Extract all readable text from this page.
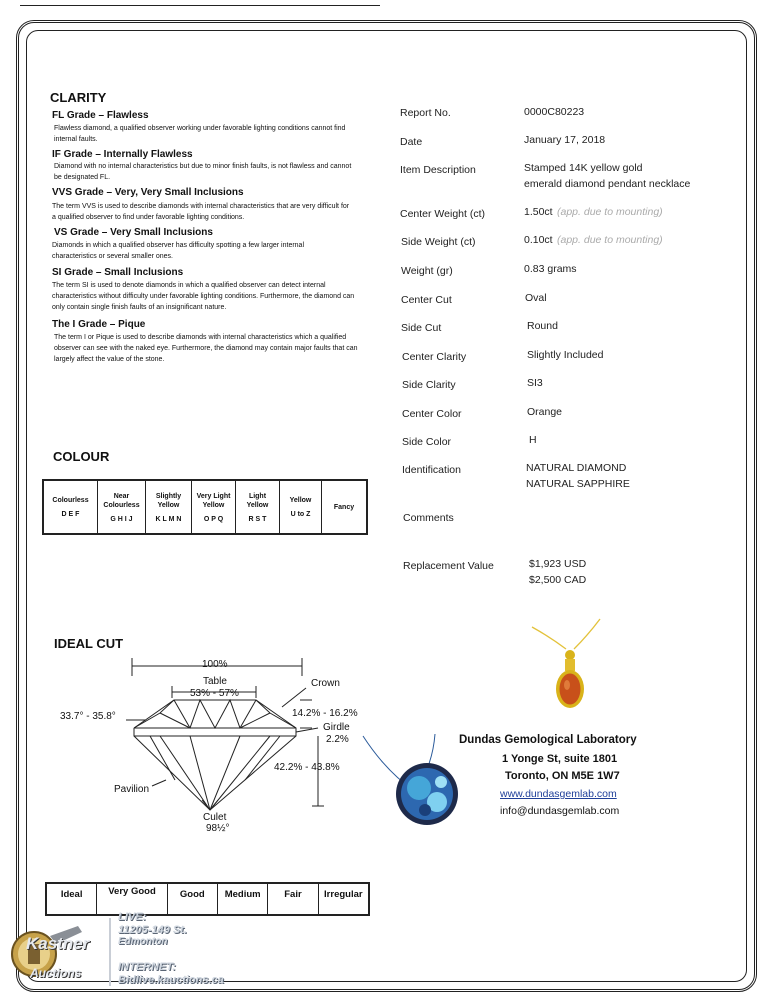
CLARITY
FL Grade – Flawless
Flawless diamond, a qualified observer working under favorable lighting conditions cannot find internal faults.
IF Grade – Internally Flawless
Diamond with no internal characteristics but due to minor finish faults, is not flawless and cannot be designated FL.
VVS Grade – Very, Very Small Inclusions
The term VVS is used to describe diamonds with internal characteristics that are very difficult for a qualified observer to find under favorable lighting conditions.
VS Grade – Very Small Inclusions
Diamonds in which a qualified observer has difficulty spotting a few larger internal characteristics or several smaller ones.
SI Grade – Small Inclusions
The term SI is used to denote diamonds in which a qualified observer can detect internal characteristics without difficulty under favorable lighting conditions. Furthermore, the diamond can only contain single finish faults of an insignificant nature.
The I Grade – Pique
The term I or Pique is used to describe diamonds with internal characteristics which a qualified observer can see with the naked eye. Furthermore, the diamond may contain major faults that can largely affect the value of the stone.
COLOUR
Colourless
D E F
Near Colourless
G H I J
Slightly Yellow
K L M N
Very Light Yellow
O P Q
Light Yellow
R S T
Yellow
U to Z
Fancy
IDEAL CUT
100%
Table
53% - 57%
Crown
33.7° - 35.8°	14.2% - 16.2%
Girdle
2.2%
42.2% - 43.8%
Pavilion
Culet
98½°
Ideal	Very Good	Good	Medium	Fair	Irregular
Report No.	0000C80223
Date	January 17, 2018
Item Description	Stamped 14K yellow gold
emerald diamond pendant necklace
Center Weight (ct)	1.50ct (app. due to mounting)
Side Weight (ct)	0.10ct (app. due to mounting)
Weight (gr)	0.83 grams
Center Cut	Oval
Side Cut	Round
Center Clarity	Slightly Included
Side Clarity	SI3
Center Color	Orange
Side Color	H
Identification	NATURAL DIAMOND
NATURAL SAPPHIRE
Comments
Replacement Value	$1,923 USD
$2,500 CAD
Dundas Gemological Laboratory
1 Yonge St, suite 1801
Toronto, ON M5E 1W7
www.dundasgemlab.com
info@dundasgemlab.com
Kastner
Auctions
LIVE:
11205-149 St.
Edmonton
INTERNET:
Bidlive.kauctions.ca
